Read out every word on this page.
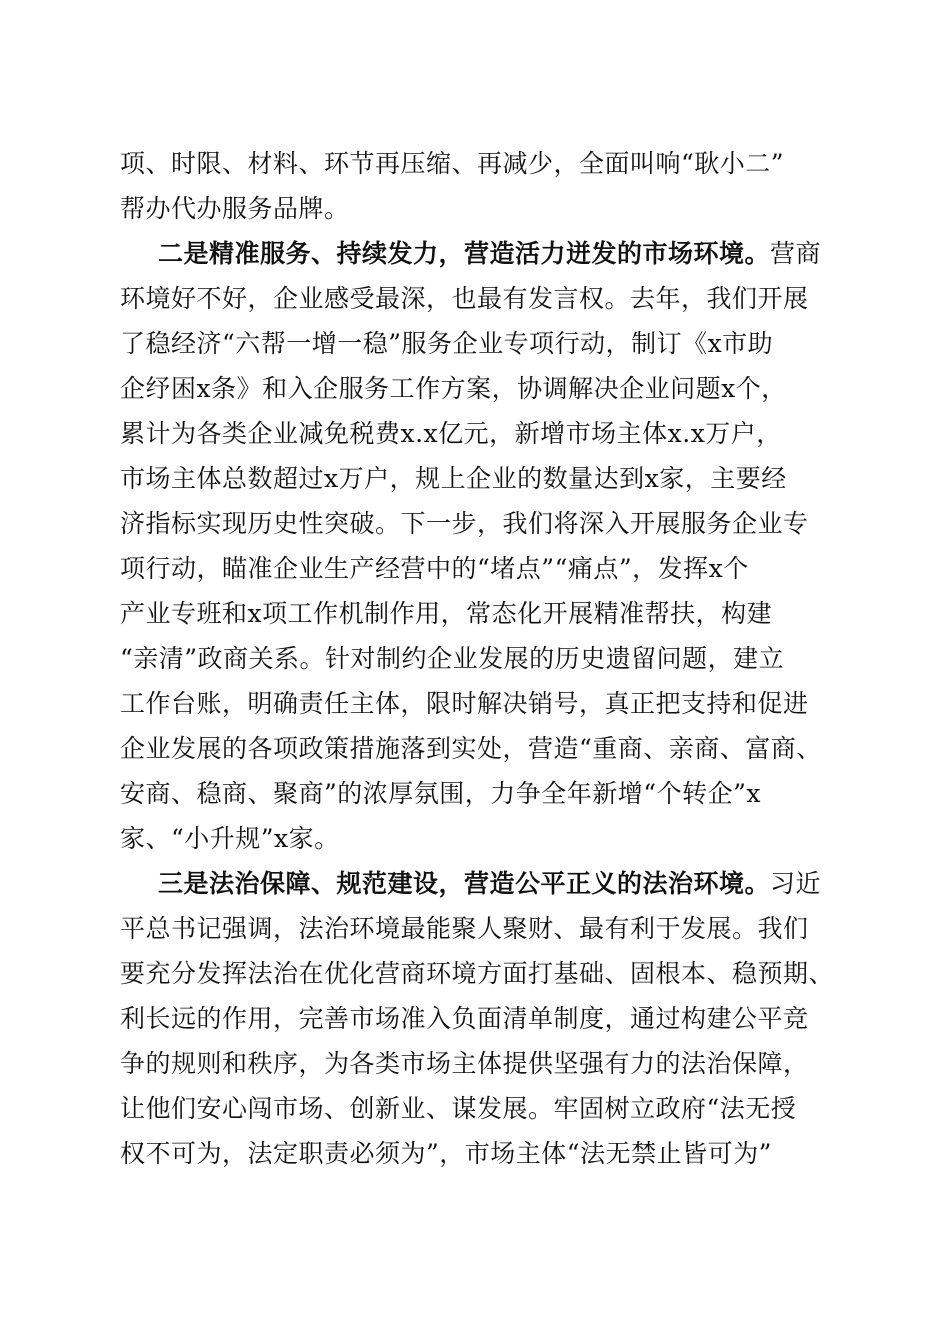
项、时限、材料、环节再压缩、再减少，全面叫响“耿小二”
帮办代办服务品牌。
二是精准服务、持续发力，营造活力迸发的市场环境。营商
环境好不好，企业感受最深，也最有发言权。去年，我们开展
了稳经济“六帮一增一稳”服务企业专项行动，制订《x市助
企纾困x条》和入企服务工作方案，协调解决企业问题x个，
累计为各类企业减免税费x.x亿元，新增市场主体x.x万户，
市场主体总数超过x万户，规上企业的数量达到x家，主要经
济指标实现历史性突破。下一步，我们将深入开展服务企业专
项行动，瞄准企业生产经营中的“堵点”“痛点”，发挥x个
产业专班和x项工作机制作用，常态化开展精准帮扶，构建
“亲清”政商关系。针对制约企业发展的历史遗留问题，建立
工作台账，明确责任主体，限时解决销号，真正把支持和促进
企业发展的各项政策措施落到实处，营造“重商、亲商、富商、
安商、稳商、聚商”的浓厚氛围，力争全年新增“个转企”x
家、“小升规”x家。
三是法治保障、规范建设，营造公平正义的法治环境。习近
平总书记强调，法治环境最能聚人聚财、最有利于发展。我们
要充分发挥法治在优化营商环境方面打基础、固根本、稳预期、
利长远的作用，完善市场准入负面清单制度，通过构建公平竞
争的规则和秩序，为各类市场主体提供坚强有力的法治保障，
让他们安心闯市场、创新业、谋发展。牢固树立政府“法无授
权不可为，法定职责必须为”，市场主体“法无禁止皆可为”
